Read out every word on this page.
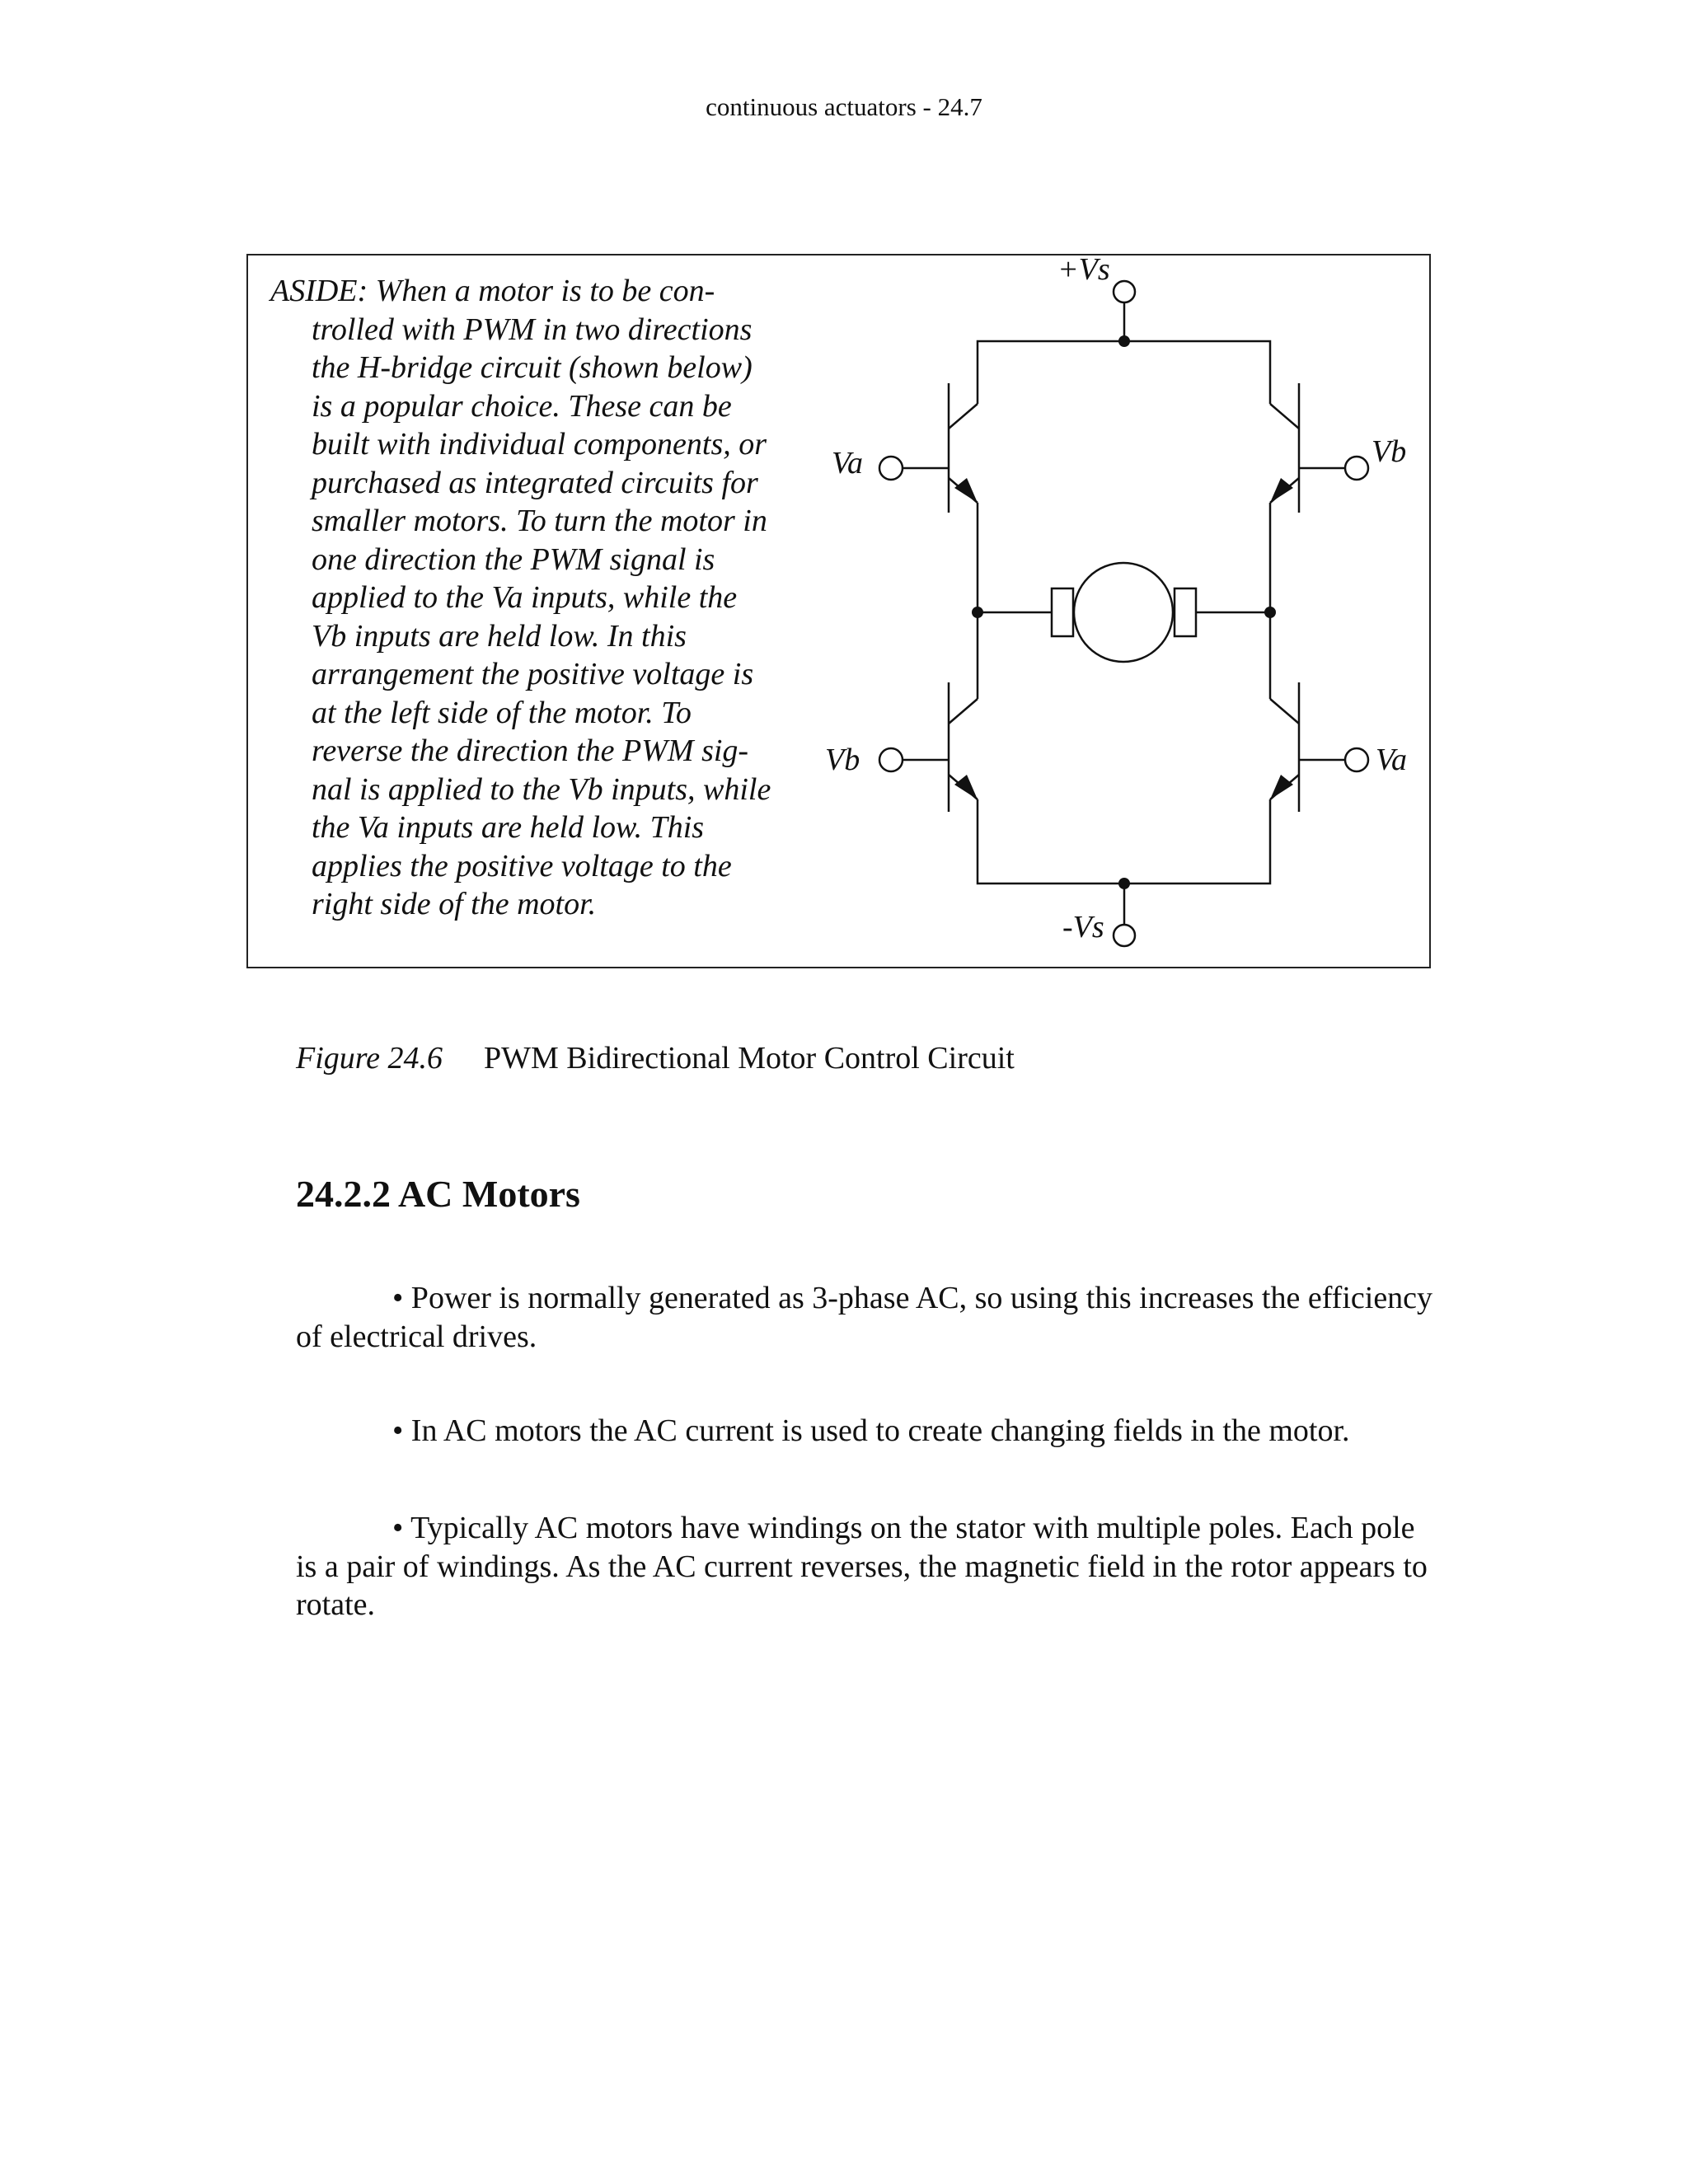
continuous actuators - 24.7
ASIDE: When a motor is to be con-
trolled with PWM in two directions
the H-bridge circuit (shown below)
is a popular choice. These can be
built with individual components, or
purchased as integrated circuits for
smaller motors. To turn the motor in
one direction the PWM signal is
applied to the Va inputs, while the
Vb inputs are held low. In this
arrangement the positive voltage is
at the left side of the motor. To
reverse the direction the PWM sig-
nal is applied to the Vb inputs, while
the Va inputs are held low. This
applies the positive voltage to the
right side of the motor.
+Vs
-Vs
Va	Vb
Vb	Va
Figure 24.6 PWM Bidirectional Motor Control Circuit
24.2.2 AC Motors

• Power is normally generated as 3-phase AC, so using this increases the efficiency
of electrical drives.

• In AC motors the AC current is used to create changing fields in the motor.

• Typically AC motors have windings on the stator with multiple poles. Each pole
is a pair of windings. As the AC current reverses, the magnetic field in the rotor appears to
rotate.
